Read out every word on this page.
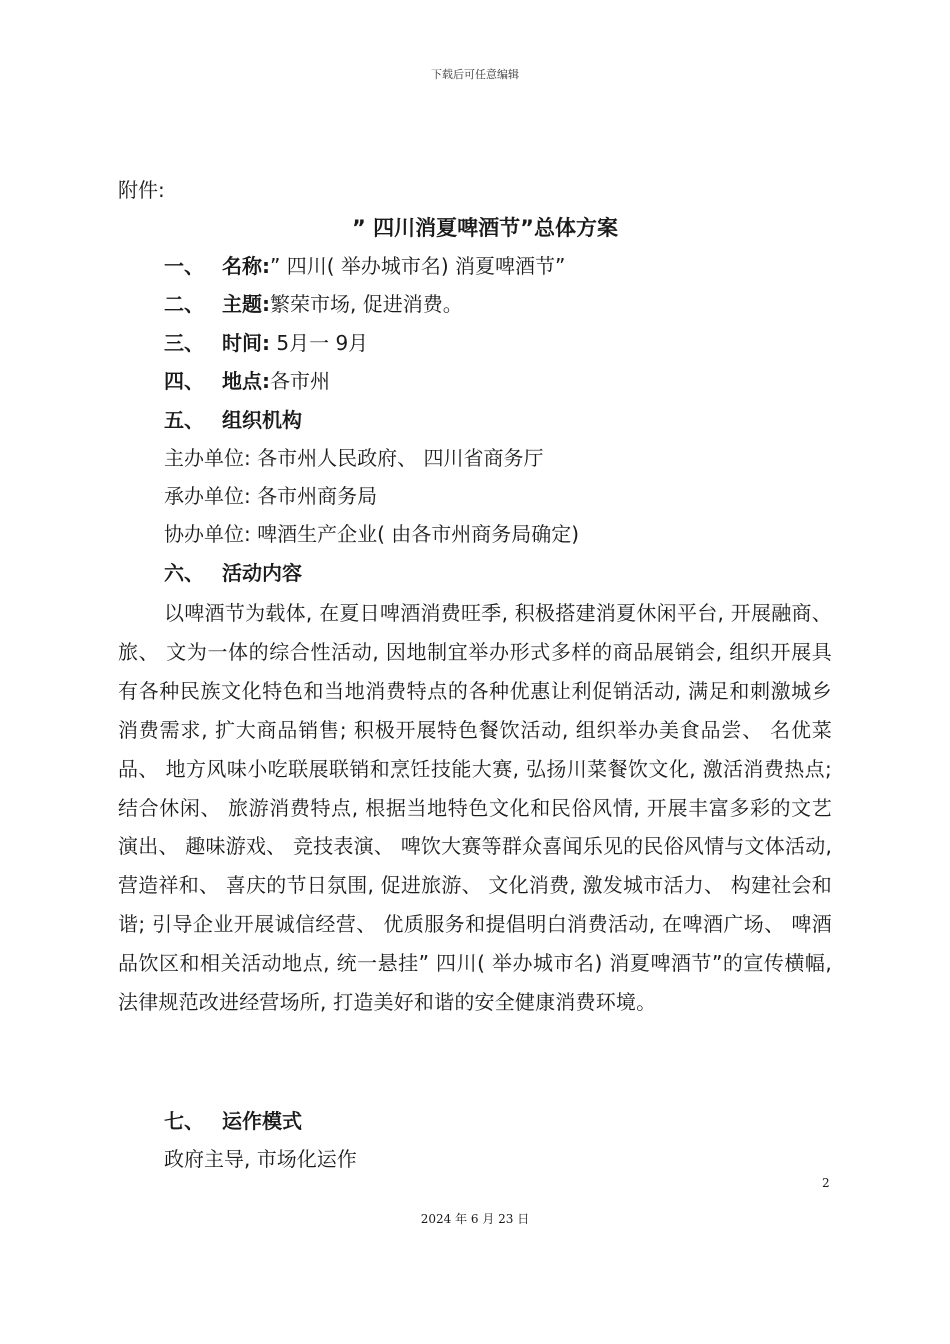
下载后可任意编辑
附件:
” 四川消夏啤酒节”总体方案
一、 名称:” 四川( 举办城市名) 消夏啤酒节”
二、 主题:繁荣市场, 促进消费。
三、 时间: 5月一 9月
四、 地点:各市州
五、 组织机构
主办单位: 各市州人民政府、 四川省商务厅
承办单位: 各市州商务局
协办单位: 啤酒生产企业( 由各市州商务局确定)
六、 活动内容
以啤酒节为载体, 在夏日啤酒消费旺季, 积极搭建消夏休闲平台, 开展融商、 旅、 文为一体的综合性活动, 因地制宜举办形式多样的商品展销会, 组织开展具有各种民族文化特色和当地消费特点的各种优惠让利促销活动, 满足和刺激城乡消费需求, 扩大商品销售; 积极开展特色餐饮活动, 组织举办美食品尝、 名优菜品、 地方风味小吃联展联销和烹饪技能大赛, 弘扬川菜餐饮文化, 激活消费热点; 结合休闲、 旅游消费特点, 根据当地特色文化和民俗风情, 开展丰富多彩的文艺演出、 趣味游戏、 竞技表演、 啤饮大赛等群众喜闻乐见的民俗风情与文体活动, 营造祥和、 喜庆的节日氛围, 促进旅游、 文化消费, 激发城市活力、 构建社会和谐; 引导企业开展诚信经营、 优质服务和提倡明白消费活动, 在啤酒广场、 啤酒品饮区和相关活动地点, 统一悬挂” 四川( 举办城市名) 消夏啤酒节”的宣传横幅, 法律规范改进经营场所, 打造美好和谐的安全健康消费环境。
七、 运作模式
政府主导, 市场化运作
2
2024 年 6 月 23 日
